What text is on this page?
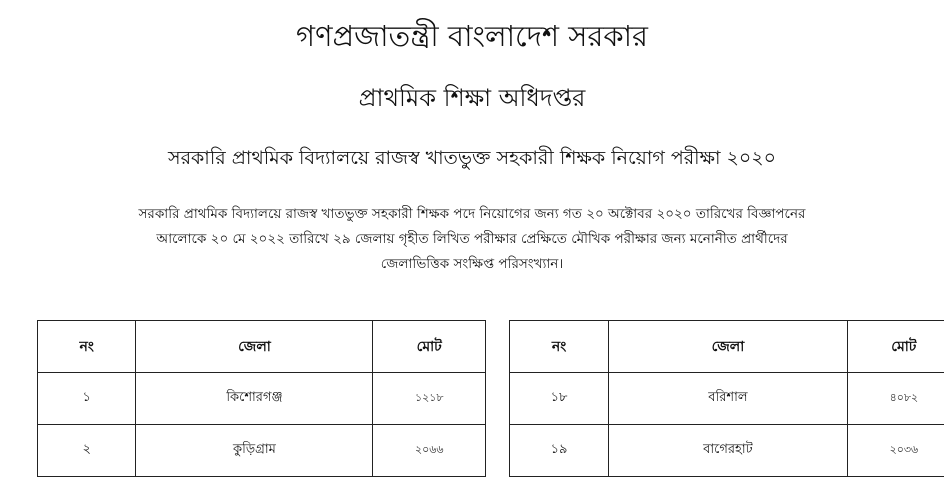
গণপ্রজাতন্ত্রী বাংলাদেশ সরকার
প্রাথমিক শিক্ষা অধিদপ্তর
সরকারি প্রাথমিক বিদ্যালয়ে রাজস্ব খাতভুক্ত সহকারী শিক্ষক নিয়োগ পরীক্ষা ২০২০
সরকারি প্রাথমিক বিদ্যালয়ে রাজস্ব খাতভুক্ত সহকারী শিক্ষক পদে নিয়োগের জন্য গত ২০ অক্টোবর ২০২০ তারিখের বিজ্ঞাপনের
আলোকে ২০ মে ২০২২ তারিখে ২৯ জেলায় গৃহীত লিখিত পরীক্ষার প্রেক্ষিতে মৌখিক পরীক্ষার জন্য মনোনীত প্রার্থীদের
জেলাভিত্তিক সংক্ষিপ্ত পরিসংখ্যান।
নং	জেলা	মোট
১	কিশোরগঞ্জ	১২১৮
২	কুড়িগ্রাম	২০৬৬
নং	জেলা	মোট
১৮	বরিশাল	৪০৮২
১৯	বাগেরহাট	২০৩৬
